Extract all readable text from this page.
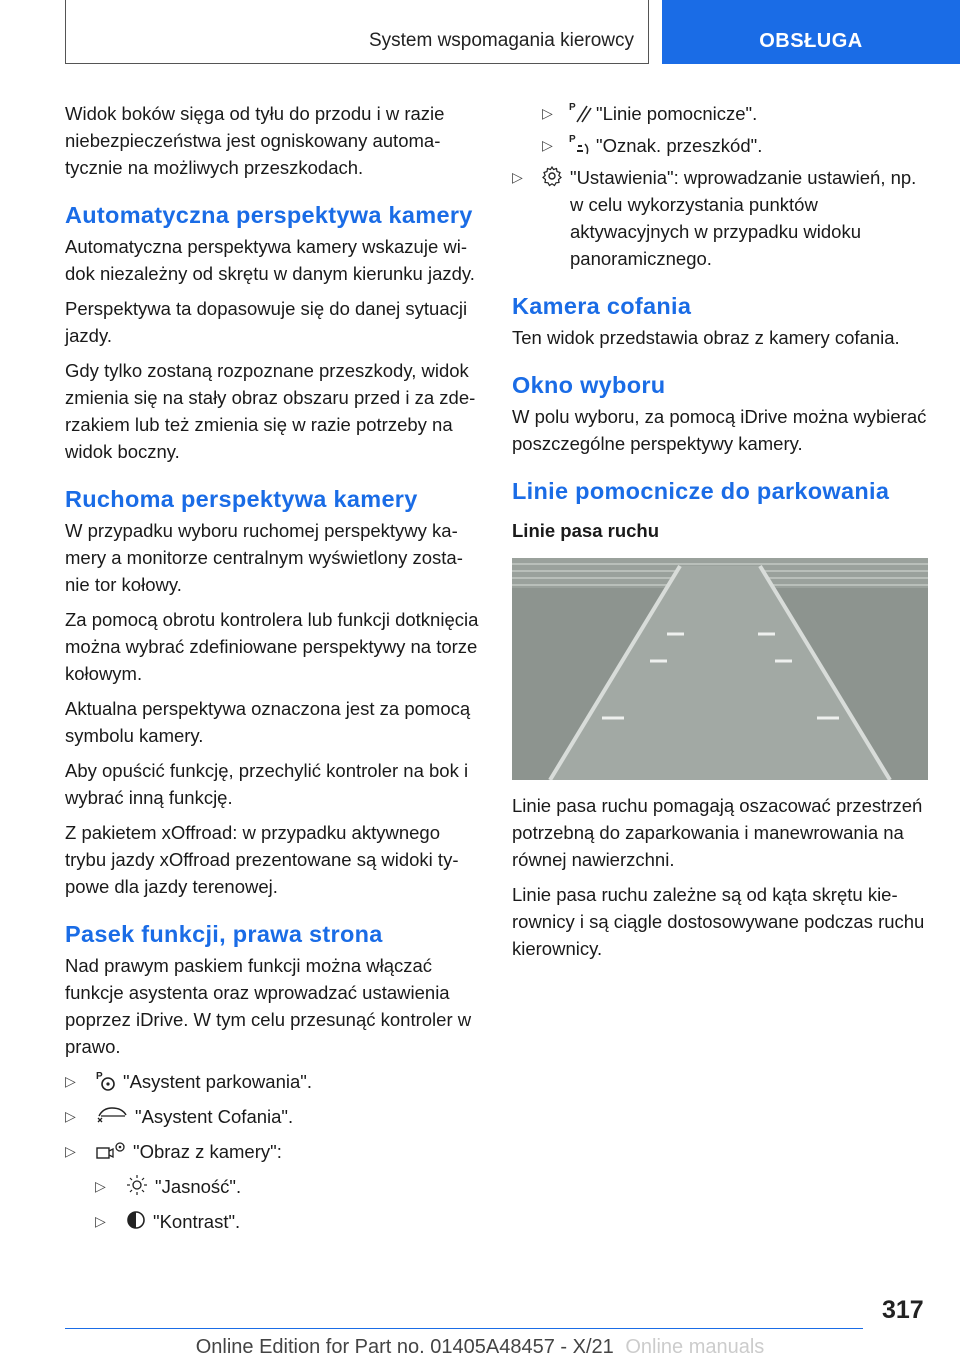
System wspomagania kierowcy	OBSŁUGA

Widok boków sięga od tyłu do przodu i w razie niebezpieczeństwa jest ogniskowany automatycznie na możliwych przeszkodach.

Automatyczna perspektywa kamery

Automatyczna perspektywa kamery wskazuje widok niezależny od skrętu w danym kierunku jazdy.

Perspektywa ta dopasowuje się do danej sytuacji jazdy.

Gdy tylko zostaną rozpoznane przeszkody, widok zmienia się na stały obraz obszaru przed i za zderzakiem lub też zmienia się w razie potrzeby na widok boczny.

Ruchoma perspektywa kamery

W przypadku wyboru ruchomej perspektywy kamery a monitorze centralnym wyświetlony zostanie tor kołowy.

Za pomocą obrotu kontrolera lub funkcji dotknięcia można wybrać zdefiniowane perspektywy na torze kołowym.

Aktualna perspektywa oznaczona jest za pomocą symbolu kamery.

Aby opuścić funkcję, przechylić kontroler na bok i wybrać inną funkcję.

Z pakietem xOffroad: w przypadku aktywnego trybu jazdy xOffroad prezentowane są widoki typowe dla jazdy terenowej.

Pasek funkcji, prawa strona

Nad prawym paskiem funkcji można włączać funkcje asystenta oraz wprowadzać ustawienia poprzez iDrive. W tym celu przesunąć kontroler w prawo.

▷ P "Asystent parkowania".
▷	"Asystent Cofania".
▷	"Obraz z kamery":
▷	"Jasność".
▷	"Kontrast".
▷ P "Linie pomocnicze".
▷ P "Oznak. przeszkód".
▷	"Ustawienia": wprowadzanie ustawień, np. w celu wykorzystania punktów aktywacyjnych w przypadku widoku panoramicznego.
Kamera cofania

Ten widok przedstawia obraz z kamery cofania.

Okno wyboru

W polu wyboru, za pomocą iDrive można wybierać poszczególne perspektywy kamery.

Linie pomocnicze do parkowania
Linie pasa ruchu

Linie pasa ruchu pomagają oszacować przestrzeń potrzebną do zaparkowania i manewrowania na równej nawierzchni.

Linie pasa ruchu zależne są od kąta skrętu kierownicy i są ciągle dostosowywane podczas ruchu kierownicy.

317
Online Edition for Part no. 01405A48457 - X/21 Online manuals
